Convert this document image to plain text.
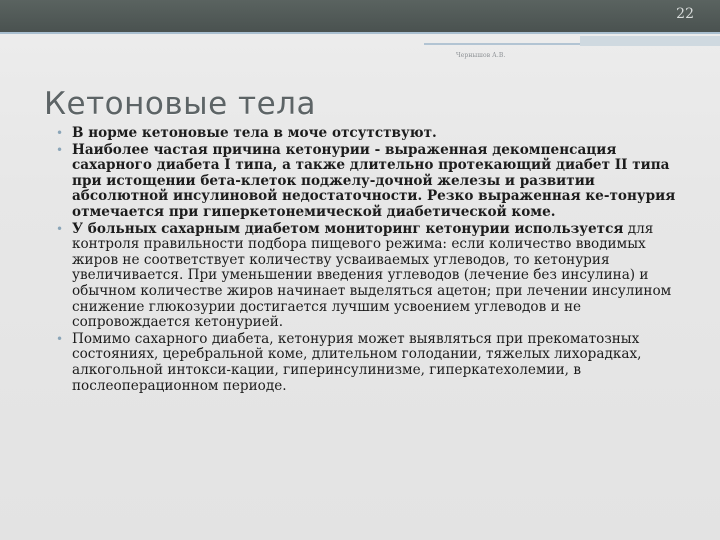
22
Чернышов А.В.
Кетоновые тела
• В норме кетоновые тела в моче отсутствуют.
• Наиболее частая причина кетонурии - выраженная декомпенсация сахарного диабета I типа, а также длительно протекающий диабет II типа при истощении бета-клеток поджелу-дочной железы и развитии абсолютной инсулиновой недостаточности. Резко выраженная ке-тонурия отмечается при гиперкетонемической диабетической коме.
• У больных сахарным диабетом мониторинг кетонурии используется для контроля правильности подбора пищевого режима: если количество вводимых жиров не соответствует количеству усваиваемых углеводов, то кетонурия увеличивается. При уменьшении введения углеводов (лечение без инсулина) и обычном количестве жиров начинает выделяться ацетон; при лечении инсулином снижение глюкозурии достигается лучшим усвоением углеводов и не сопровождается кетонурией.
• Помимо сахарного диабета, кетонурия может выявляться при прекоматозных состояниях, церебральной коме, длительном голодании, тяжелых лихорадках, алкогольной интокси-кации, гиперинсулинизме, гиперкатехолемии, в послеоперационном периоде.
